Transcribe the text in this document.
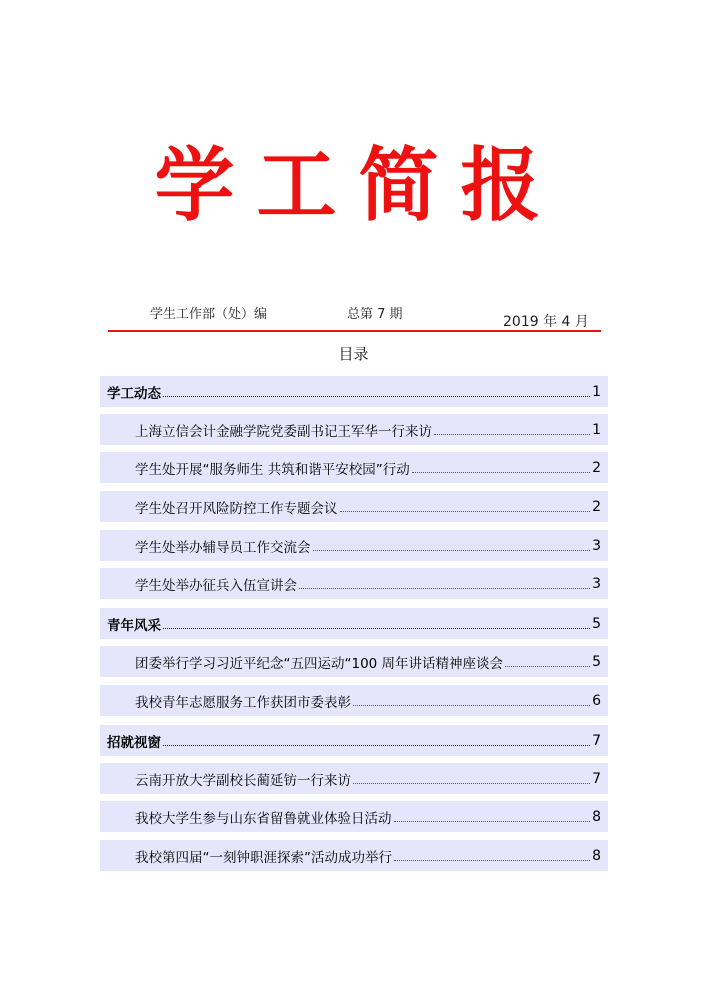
学工简报
学生工作部（处）编	总第 7 期	2019 年 4 月
目录
学工动态	1
上海立信会计金融学院党委副书记王军华一行来访	1
学生处开展“服务师生 共筑和谐平安校园”行动	2
学生处召开风险防控工作专题会议	2
学生处举办辅导员工作交流会	3
学生处举办征兵入伍宣讲会	3
青年风采	5
团委举行学习习近平纪念“五四运动“100 周年讲话精神座谈会	5
我校青年志愿服务工作获团市委表彰	6
招就视窗	7
云南开放大学副校长蔺延钫一行来访	7
我校大学生参与山东省留鲁就业体验日活动	8
我校第四届“一刻钟职涯探索”活动成功举行	8
